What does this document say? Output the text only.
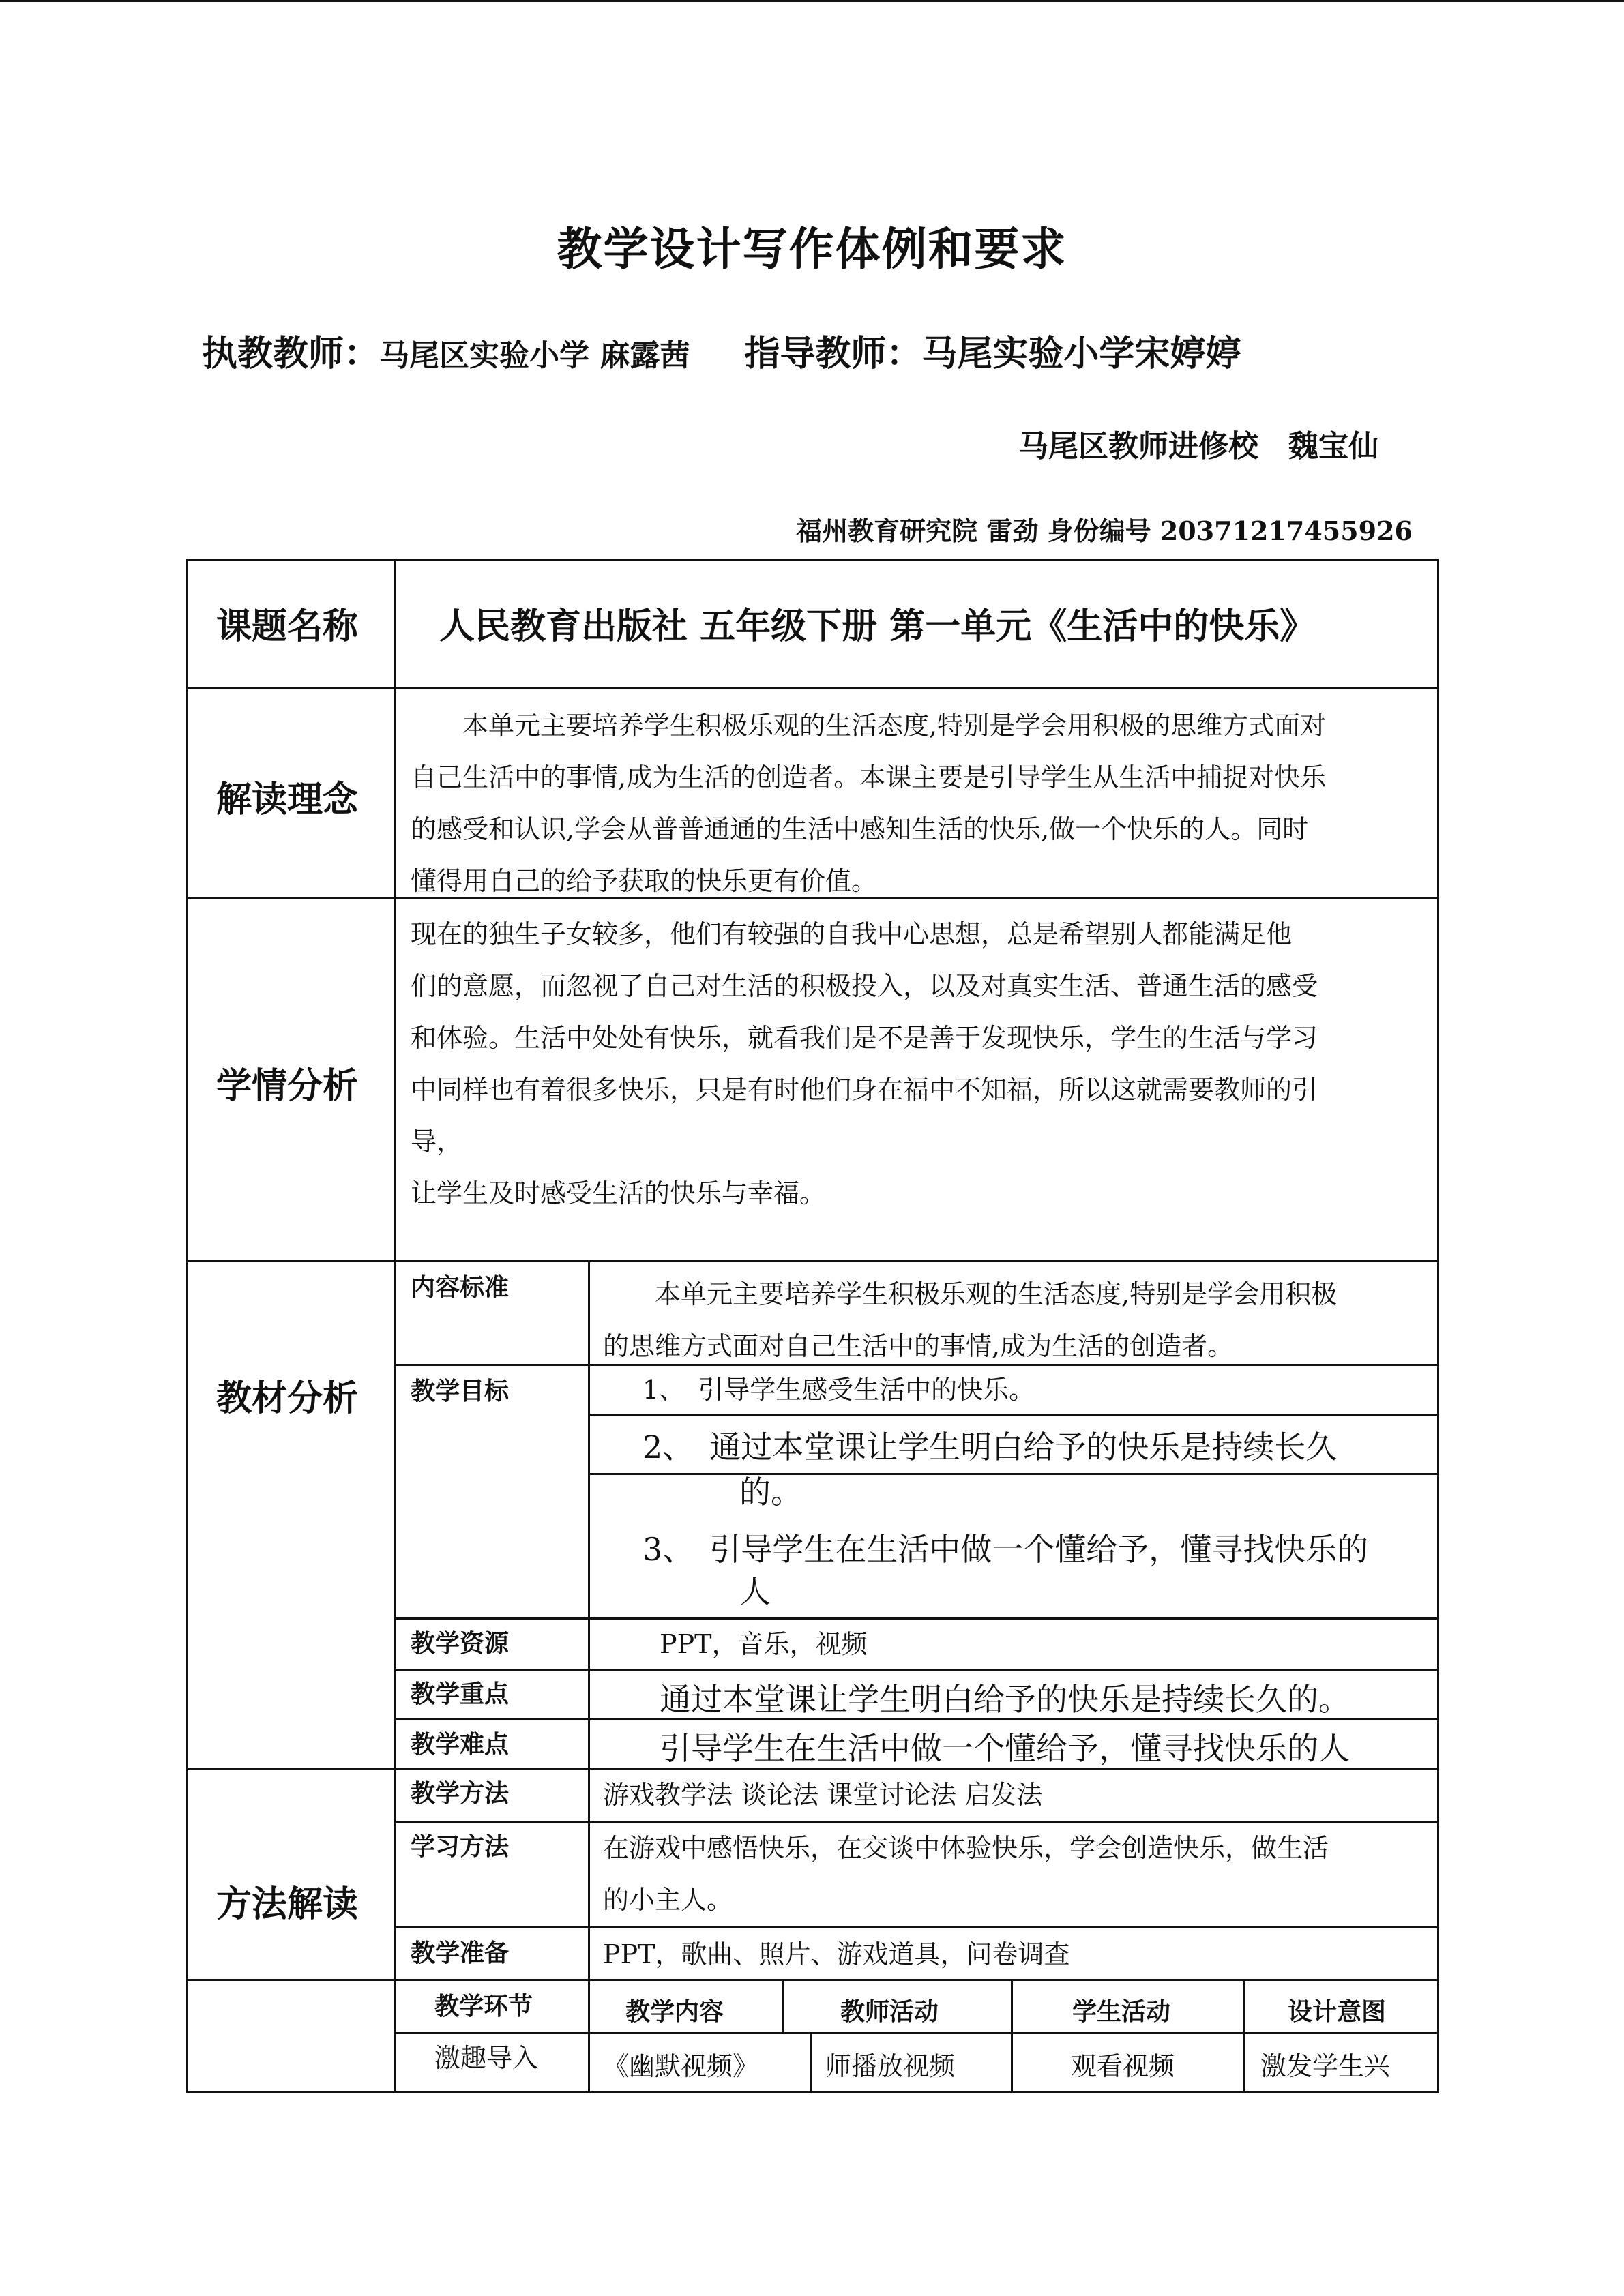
教学设计写作体例和要求
执教教师：马尾区实验小学 麻露茜 指导教师：马尾实验小学宋婷婷
马尾区教师进修校　魏宝仙
福州教育研究院 雷劲 身份编号 20371217455926
课题名称 人民教育出版社 五年级下册 第一单元《生活中的快乐》
解读理念
　　本单元主要培养学生积极乐观的生活态度,特别是学会用积极的思维方式面对
自己生活中的事情,成为生活的创造者。本课主要是引导学生从生活中捕捉对快乐
的感受和认识,学会从普普通通的生活中感知生活的快乐,做一个快乐的人。同时
懂得用自己的给予获取的快乐更有价值。
学情分析
现在的独生子女较多，他们有较强的自我中心思想，总是希望别人都能满足他
们的意愿，而忽视了自己对生活的积极投入，以及对真实生活、普通生活的感受
和体验。生活中处处有快乐，就看我们是不是善于发现快乐，学生的生活与学习
中同样也有着很多快乐，只是有时他们身在福中不知福，所以这就需要教师的引
导，
让学生及时感受生活的快乐与幸福。
教材分析
内容标准	　　本单元主要培养学生积极乐观的生活态度,特别是学会用积极
的思维方式面对自己生活中的事情,成为生活的创造者。
教学目标	1、　引导学生感受生活中的快乐。
2、　通过本堂课让学生明白给予的快乐是持续长久
的。
3、　引导学生在生活中做一个懂给予，懂寻找快乐的
人
教学资源	PPT，音乐，视频
教学重点	通过本堂课让学生明白给予的快乐是持续长久的。
教学难点	引导学生在生活中做一个懂给予，懂寻找快乐的人
方法解读
教学方法	游戏教学法 谈论法 课堂讨论法 启发法
学习方法	在游戏中感悟快乐，在交谈中体验快乐，学会创造快乐，做生活
的小主人。
教学准备	PPT，歌曲、照片、游戏道具，问卷调查
教学环节	教学内容	教师活动	学生活动	设计意图
激趣导入 《幽默视频》	师播放视频	观看视频	激发学生兴
